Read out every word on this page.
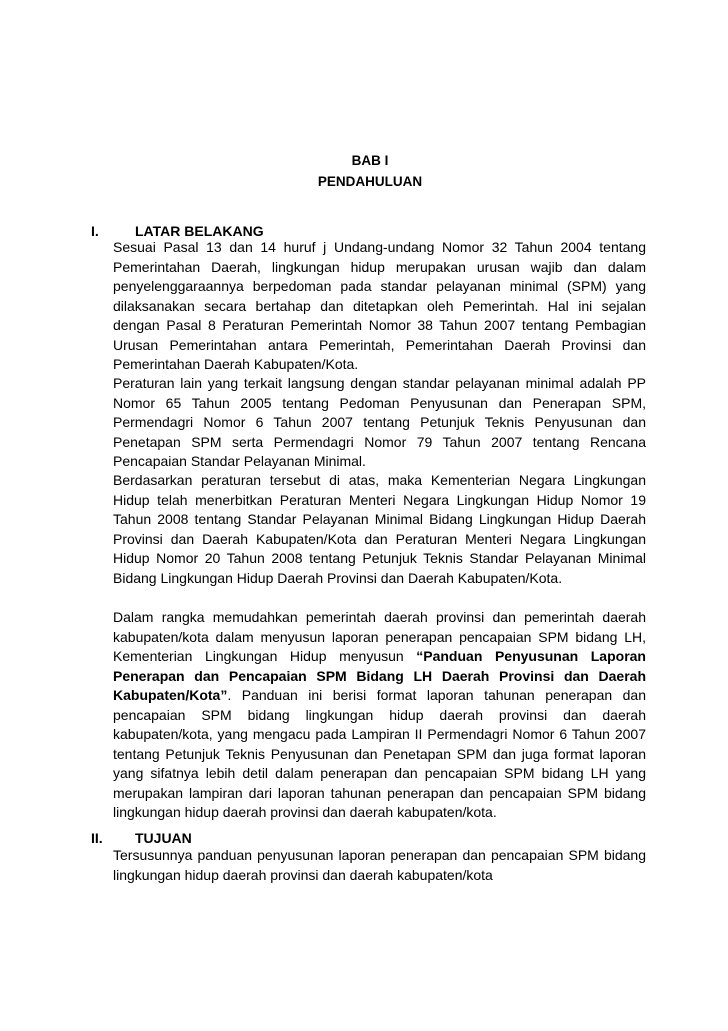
BAB I
PENDAHULUAN
I.	LATAR BELAKANG

Sesuai Pasal 13 dan 14 huruf j Undang-undang Nomor 32 Tahun 2004 tentang Pemerintahan Daerah, lingkungan hidup merupakan urusan wajib dan dalam penyelenggaraannya berpedoman pada standar pelayanan minimal (SPM) yang dilaksanakan secara bertahap dan ditetapkan oleh Pemerintah. Hal ini sejalan dengan Pasal 8 Peraturan Pemerintah Nomor 38 Tahun 2007 tentang Pembagian Urusan Pemerintahan antara Pemerintah, Pemerintahan Daerah Provinsi dan Pemerintahan Daerah Kabupaten/Kota.

Peraturan lain yang terkait langsung dengan standar pelayanan minimal adalah PP Nomor 65 Tahun 2005 tentang Pedoman Penyusunan dan Penerapan SPM, Permendagri Nomor 6 Tahun 2007 tentang Petunjuk Teknis Penyusunan dan Penetapan SPM serta Permendagri Nomor 79 Tahun 2007 tentang Rencana Pencapaian Standar Pelayanan Minimal.

Berdasarkan peraturan tersebut di atas, maka Kementerian Negara Lingkungan Hidup telah menerbitkan Peraturan Menteri Negara Lingkungan Hidup Nomor 19 Tahun 2008 tentang Standar Pelayanan Minimal Bidang Lingkungan Hidup Daerah Provinsi dan Daerah Kabupaten/Kota dan Peraturan Menteri Negara Lingkungan Hidup Nomor 20 Tahun 2008 tentang Petunjuk Teknis Standar Pelayanan Minimal Bidang Lingkungan Hidup Daerah Provinsi dan Daerah Kabupaten/Kota.

Dalam rangka memudahkan pemerintah daerah provinsi dan pemerintah daerah kabupaten/kota dalam menyusun laporan penerapan pencapaian SPM bidang LH, Kementerian Lingkungan Hidup menyusun “Panduan Penyusunan Laporan Penerapan dan Pencapaian SPM Bidang LH Daerah Provinsi dan Daerah Kabupaten/Kota”. Panduan ini berisi format laporan tahunan penerapan dan pencapaian SPM bidang lingkungan hidup daerah provinsi dan daerah kabupaten/kota, yang mengacu pada Lampiran II Permendagri Nomor 6 Tahun 2007 tentang Petunjuk Teknis Penyusunan dan Penetapan SPM dan juga format laporan yang sifatnya lebih detil dalam penerapan dan pencapaian SPM bidang LH yang merupakan lampiran dari laporan tahunan penerapan dan pencapaian SPM bidang lingkungan hidup daerah provinsi dan daerah kabupaten/kota.

II. TUJUAN

Tersusunnya panduan penyusunan laporan penerapan dan pencapaian SPM bidang lingkungan hidup daerah provinsi dan daerah kabupaten/kota
